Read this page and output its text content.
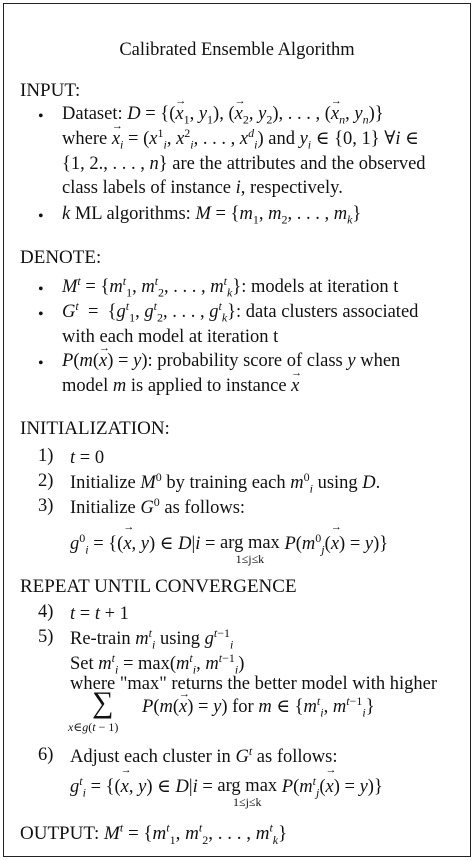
Calibrated Ensemble Algorithm
INPUT:
• Dataset: D = {(→ $x_1$, $y_1$), (→ $x_2$, $y_2$), . . . , (→ $x_n$, $y_n$)}
where → $x_i = (x^1_i$, $x^2_i$, . . . , $x^d_i$) and $y_i$ ∈ {0, 1} ∀i ∈
{1, 2., . . . , n} are the attributes and the observed
class labels of instance i, respectively.
• k ML algorithms: $M = \{m_1$, $m_2$, . . . , $m_k$}
DENOTE:
• $M^t = \{m^t_1$, $m^t_2$, . . . , $m^t_k$}: models at iteration t
• $G^t = \{g^t_1$, $g^t_2$, . . . , $g^t_k$}: data clusters associated
with each model at iteration t
• P(m(→ x) = y): probability score of class y when
model m is applied to instance → x
INITIALIZATION:
1) t = 0
2) Initialize $M^0$ by training each $m^0_i$ using D.
3) Initialize $G^0$ as follows:
$g^0_i$ = {(→ x, y) ∈ D|i = arg max
1≤j≤k
$P(m^0_j(\to x) = y)$}
REPEAT UNTIL CONVERGENCE
4) t = t + 1
5) Re-train $m^t_i$ using $g^{t-1}_i$
Set $m^t_i = \max(m^t_i$, $m^{t-1}_i$)
where "max" returns the better model with higher
∑
x∈g(t − 1)
P(m(→ x) = y) for m ∈ {$m^t_i$, $m^{t-1}_i$}
6) Adjust each cluster in $G^t$ as follows:
$g^t_i$ = {(→ x, y) ∈ D|i = arg max
1≤j≤k
$P(m^t_j(\to x) = y)$}
OUTPUT: $M^t = \{m^t_1$, $m^t_2$, . . . , $m^t_k$}
